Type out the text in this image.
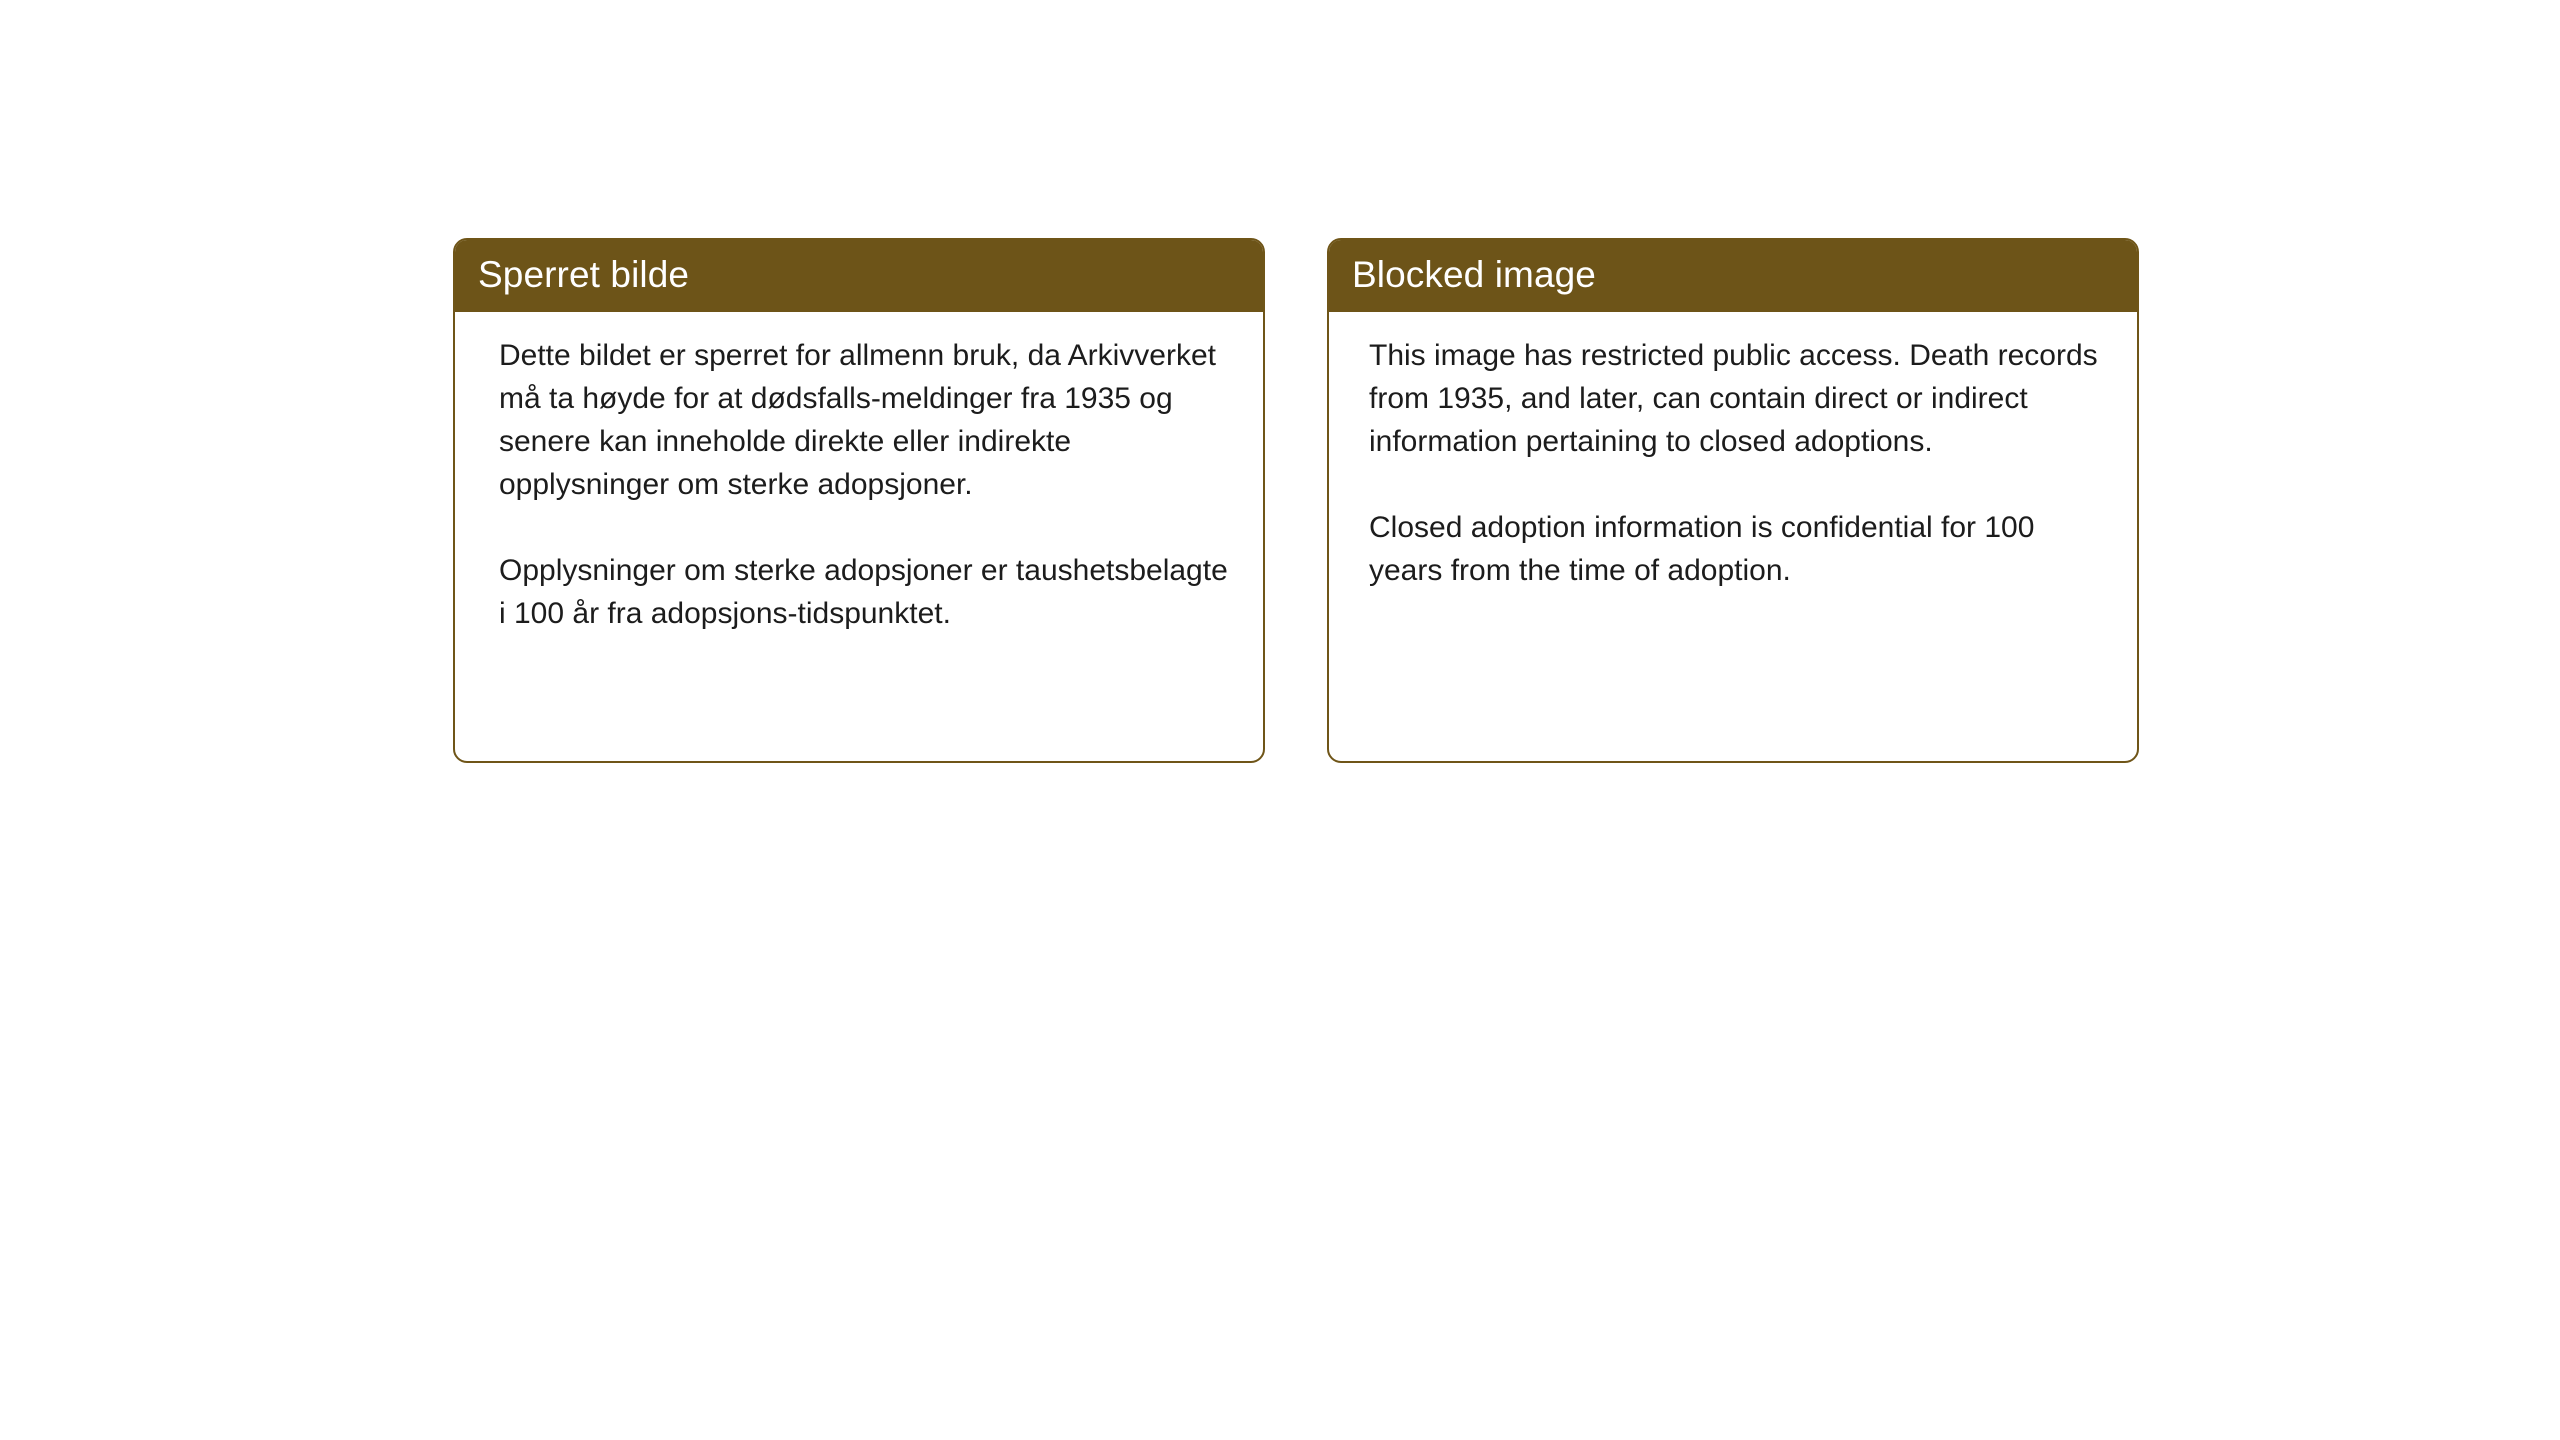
Sperret bilde

Dette bildet er sperret for allmenn bruk, da Arkivverket må ta høyde for at dødsfalls-meldinger fra 1935 og senere kan inneholde direkte eller indirekte opplysninger om sterke adopsjoner.

Opplysninger om sterke adopsjoner er taushetsbelagte i 100 år fra adopsjons-tidspunktet.

Blocked image

This image has restricted public access. Death records from 1935, and later, can contain direct or indirect information pertaining to closed adoptions.

Closed adoption information is confidential for 100 years from the time of adoption.
